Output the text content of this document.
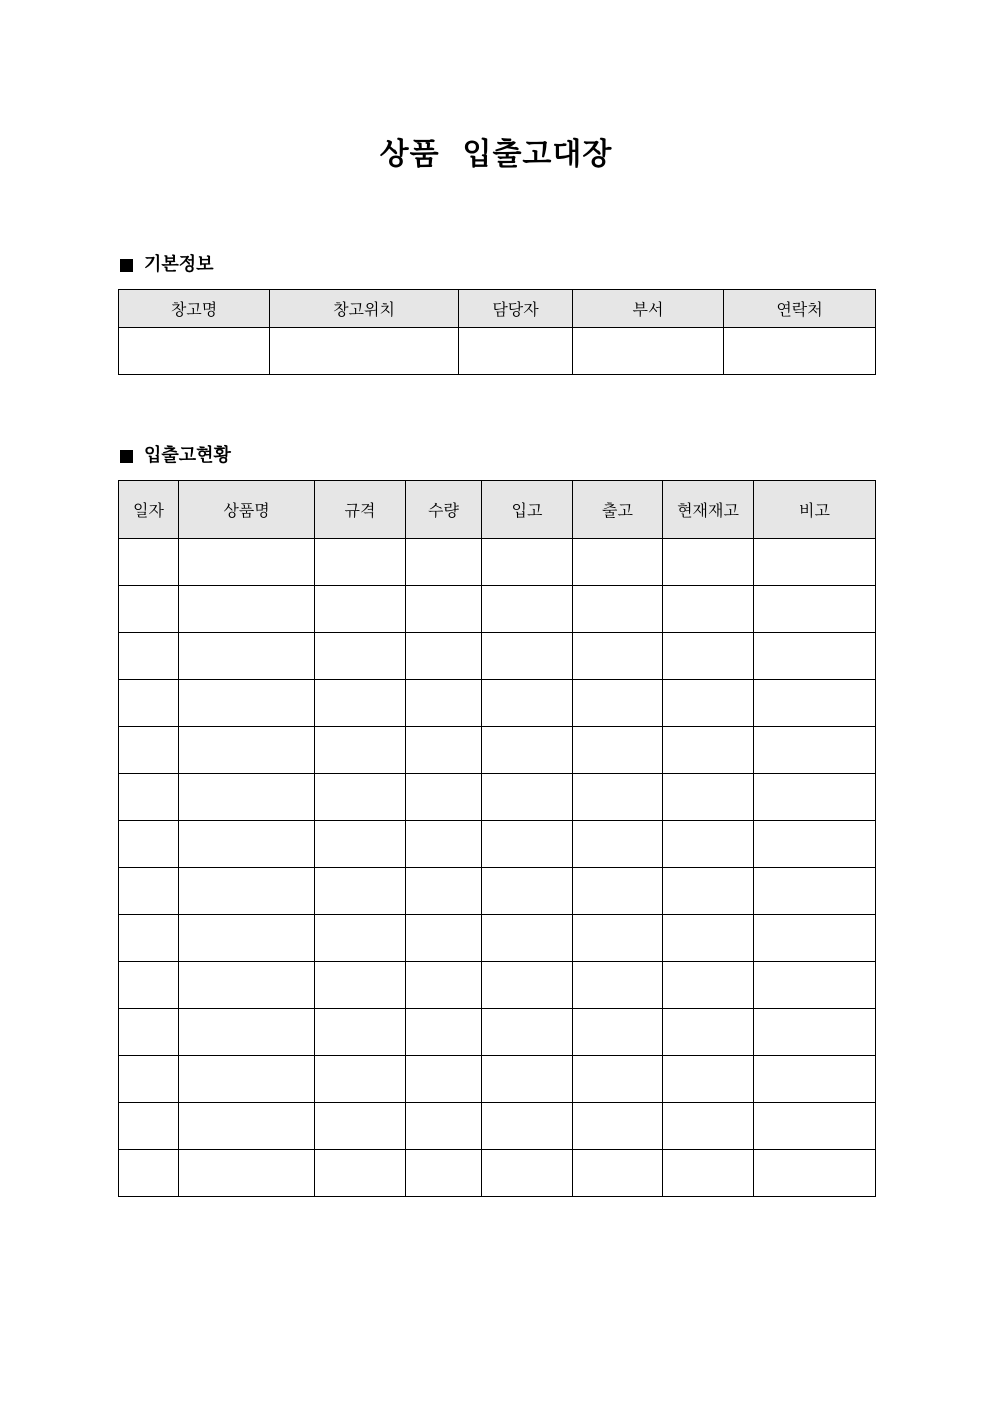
상품  입출고대장
기본정보
창고명	창고위치	담당자	부서	연락처

입출고현황
일자	상품명	규격	수량	입고	출고	현재재고	비고
